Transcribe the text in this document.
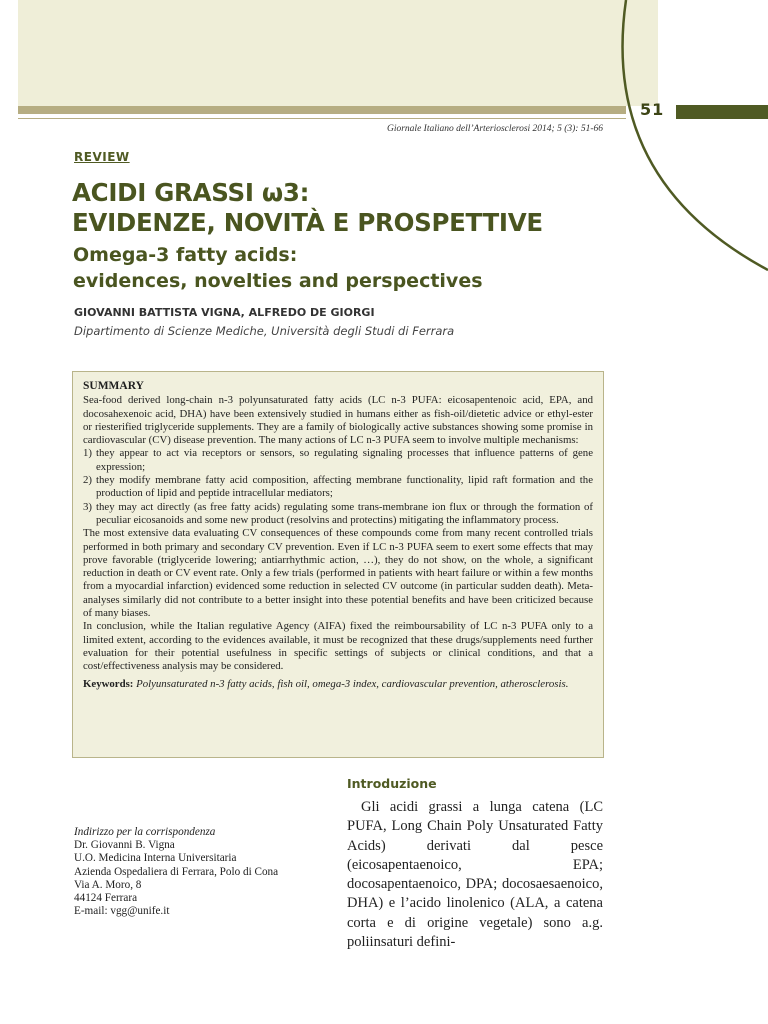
51
Giornale Italiano dell’Arteriosclerosi 2014; 5 (3): 51-66
REVIEW
ACIDI GRASSI ω3:
EVIDENZE, NOVITÀ E PROSPETTIVE
Omega-3 fatty acids:
evidences, novelties and perspectives
GIOVANNI BATTISTA VIGNA, ALFREDO DE GIORGI
Dipartimento di Scienze Mediche, Università degli Studi di Ferrara
SUMMARY

Sea-food derived long-chain n-3 polyunsaturated fatty acids (LC n-3 PUFA: eicosapentenoic acid, EPA, and docosahexenoic acid, DHA) have been extensively studied in humans either as fish-oil/dietetic advice or ethyl-ester or riesterified triglyceride supplements. They are a family of biologically active substances showing some promise in cardiovascular (CV) disease prevention. The many actions of LC n-3 PUFA seem to involve multiple mechanisms:

1) they appear to act via receptors or sensors, so regulating signaling processes that influence patterns of gene expression;
2) they modify membrane fatty acid composition, affecting membrane functionality, lipid raft formation and the production of lipid and peptide intracellular mediators;
3) they may act directly (as free fatty acids) regulating some trans-membrane ion flux or through the formation of peculiar eicosanoids and some new product (resolvins and protectins) mitigating the inflammatory process.

The most extensive data evaluating CV consequences of these compounds come from many recent controlled trials performed in both primary and secondary CV prevention. Even if LC n-3 PUFA seem to exert some effects that may prove favorable (triglyceride lowering; antiarrhythmic action, …), they do not show, on the whole, a significant reduction in death or CV event rate. Only a few trials (performed in patients with heart failure or within a few months from a myocardial infarction) evidenced some reduction in selected CV outcome (in particular sudden death). Meta-analyses similarly did not contribute to a better insight into these potential benefits and have been criticized because of many biases.

In conclusion, while the Italian regulative Agency (AIFA) fixed the reimboursability of LC n-3 PUFA only to a limited extent, according to the evidences available, it must be recognized that these drugs/supplements need further evaluation for their potential usefulness in specific settings of subjects or clinical conditions, and that a cost/effectiveness analysis may be considered.

Keywords: Polyunsaturated n-3 fatty acids, fish oil, omega-3 index, cardiovascular prevention, atherosclerosis.

Indirizzo per la corrispondenza
Dr. Giovanni B. Vigna
U.O. Medicina Interna Universitaria
Azienda Ospedaliera di Ferrara, Polo di Cona
Via A. Moro, 8
44124 Ferrara
E-mail: vgg@unife.it
Introduzione
Gli acidi grassi a lunga catena (LC PUFA, Long Chain Poly Unsaturated Fatty Acids) derivati dal pesce (eicosapentaenoico, EPA; docosapentaenoico, DPA; docosaesaenoico, DHA) e l’acido linolenico (ALA, a catena corta e di origine vegetale) sono a.g. poliinsaturi defini-
